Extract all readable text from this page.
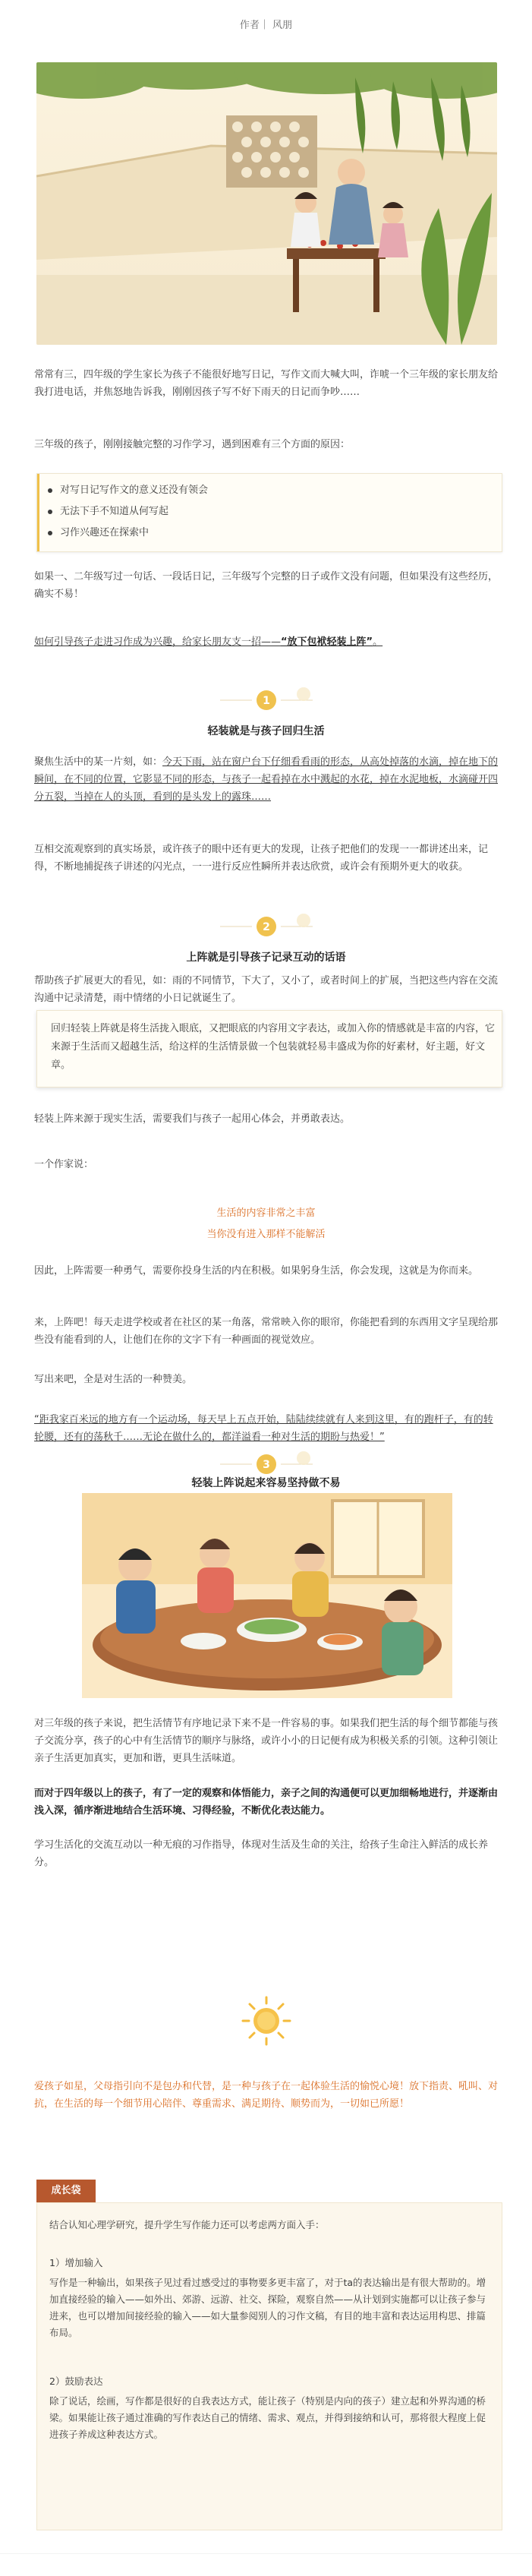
作者｜ 风朋

常常有三，四年级的学生家长为孩子不能很好地写日记，写作文而大喊大叫，诈唬一个三年级的家长朋友给我打进电话，并焦怒地告诉我，刚刚因孩子写不好下雨天的日记而争吵……

三年级的孩子，刚刚接触完整的习作学习，遇到困难有三个方面的原因：

对写日记写作文的意义还没有领会
无法下手不知道从何写起
习作兴趣还在探索中

如果一、二年级写过一句话、一段话日记，三年级写个完整的日子或作文没有问题，但如果没有这些经历，确实不易！

如何引导孩子走进习作成为兴趣，给家长朋友支一招——“放下包袱轻装上阵”。

1
轻装就是与孩子回归生活

聚焦生活中的某一片刻，如：今天下雨，站在窗户台下仔细看看雨的形态，从高处掉落的水滴，掉在地下的瞬间，在不同的位置，它影显不同的形态，与孩子一起看掉在水中溅起的水花，掉在水泥地板，水滴碰开四分五裂，当掉在人的头顶，看到的是头发上的露珠……

互相交流观察到的真实场景，或许孩子的眼中还有更大的发现，让孩子把他们的发现一一都讲述出来，记得，不断地捕捉孩子讲述的闪光点，一一进行反应性瞬所并表达欣赏，或许会有预期外更大的收获。

2
上阵就是引导孩子记录互动的话语

帮助孩子扩展更大的看见，如：雨的不同情节，下大了，又小了，或者时间上的扩展，当把这些内容在交流沟通中记录清楚，雨中情绪的小日记就诞生了。

回归轻装上阵就是将生活拢入眼底，又把眼底的内容用文字表达，或加入你的情感就是丰富的内容，它来源于生活而又超越生活，给这样的生活情景做一个包装就轻易丰盛成为你的好素材，好主题，好文章。

轻装上阵来源于现实生活，需要我们与孩子一起用心体会，并勇敢表达。

一个作家说：

生活的内容非常之丰富
当你没有进入那样不能解活

因此，上阵需要一种勇气，需要你投身生活的内在积极。如果躬身生活，你会发现，这就是为你而来。

来，上阵吧！每天走进学校或者在社区的某一角落，常常映入你的眼帘，你能把看到的东西用文字呈现给那些没有能看到的人，让他们在你的文字下有一种画面的视觉效应。

写出来吧，全是对生活的一种赞美。

“距我家百米远的地方有一个运动场，每天早上五点开始，陆陆续续就有人来到这里，有的跑杆子，有的转轮腰，还有的荡秋千……无论在做什么的，都洋溢看一种对生活的期盼与热爱！”

3
轻装上阵说起来容易坚持做不易

对三年级的孩子来说，把生活情节有序地记录下来不是一件容易的事。如果我们把生活的每个细节都能与孩子交流分享，孩子的心中有生活情节的顺序与脉络，或许小小的日记便有成为积极关系的引领。这种引领让亲子生活更加真实，更加和谐，更具生活味道。

而对于四年级以上的孩子，有了一定的观察和体悟能力，亲子之间的沟通便可以更加细畅地进行，并逐渐由浅入深，循序渐进地结合生活环境、习得经验，不断优化表达能力。

学习生活化的交流互动以一种无痕的习作指导，体现对生活及生命的关注，给孩子生命注入鲜活的成长养分。

爱孩子如星，父母指引向不是包办和代替，是一种与孩子在一起体验生活的愉悦心境！放下指责、吼叫、对抗，在生活的每一个细节用心陪伴、尊重需求、满足期待、顺势而为，一切如已所愿！

成长袋

结合认知心理学研究，提升学生写作能力还可以考虑两方面入手：

1）增加输入

写作是一种输出，如果孩子见过看过感受过的事物要多更丰富了，对于ta的表达输出是有很大帮助的。增加直接经验的输入——如外出、郊游、远游、社交、探险，观察自然——从计划到实施都可以让孩子参与进来，也可以增加间接经验的输入——如大量参阅别人的习作文稿，有目的地丰富和表达运用构思、排篇布局。

2）鼓励表达

除了说话，绘画，写作都是很好的自我表达方式，能让孩子（特别是内向的孩子）建立起和外界沟通的桥梁。如果能让孩子通过准确的写作表达自己的情绪、需求、观点，并得到接纳和认可，那将很大程度上促进孩子养成这种表达方式。
